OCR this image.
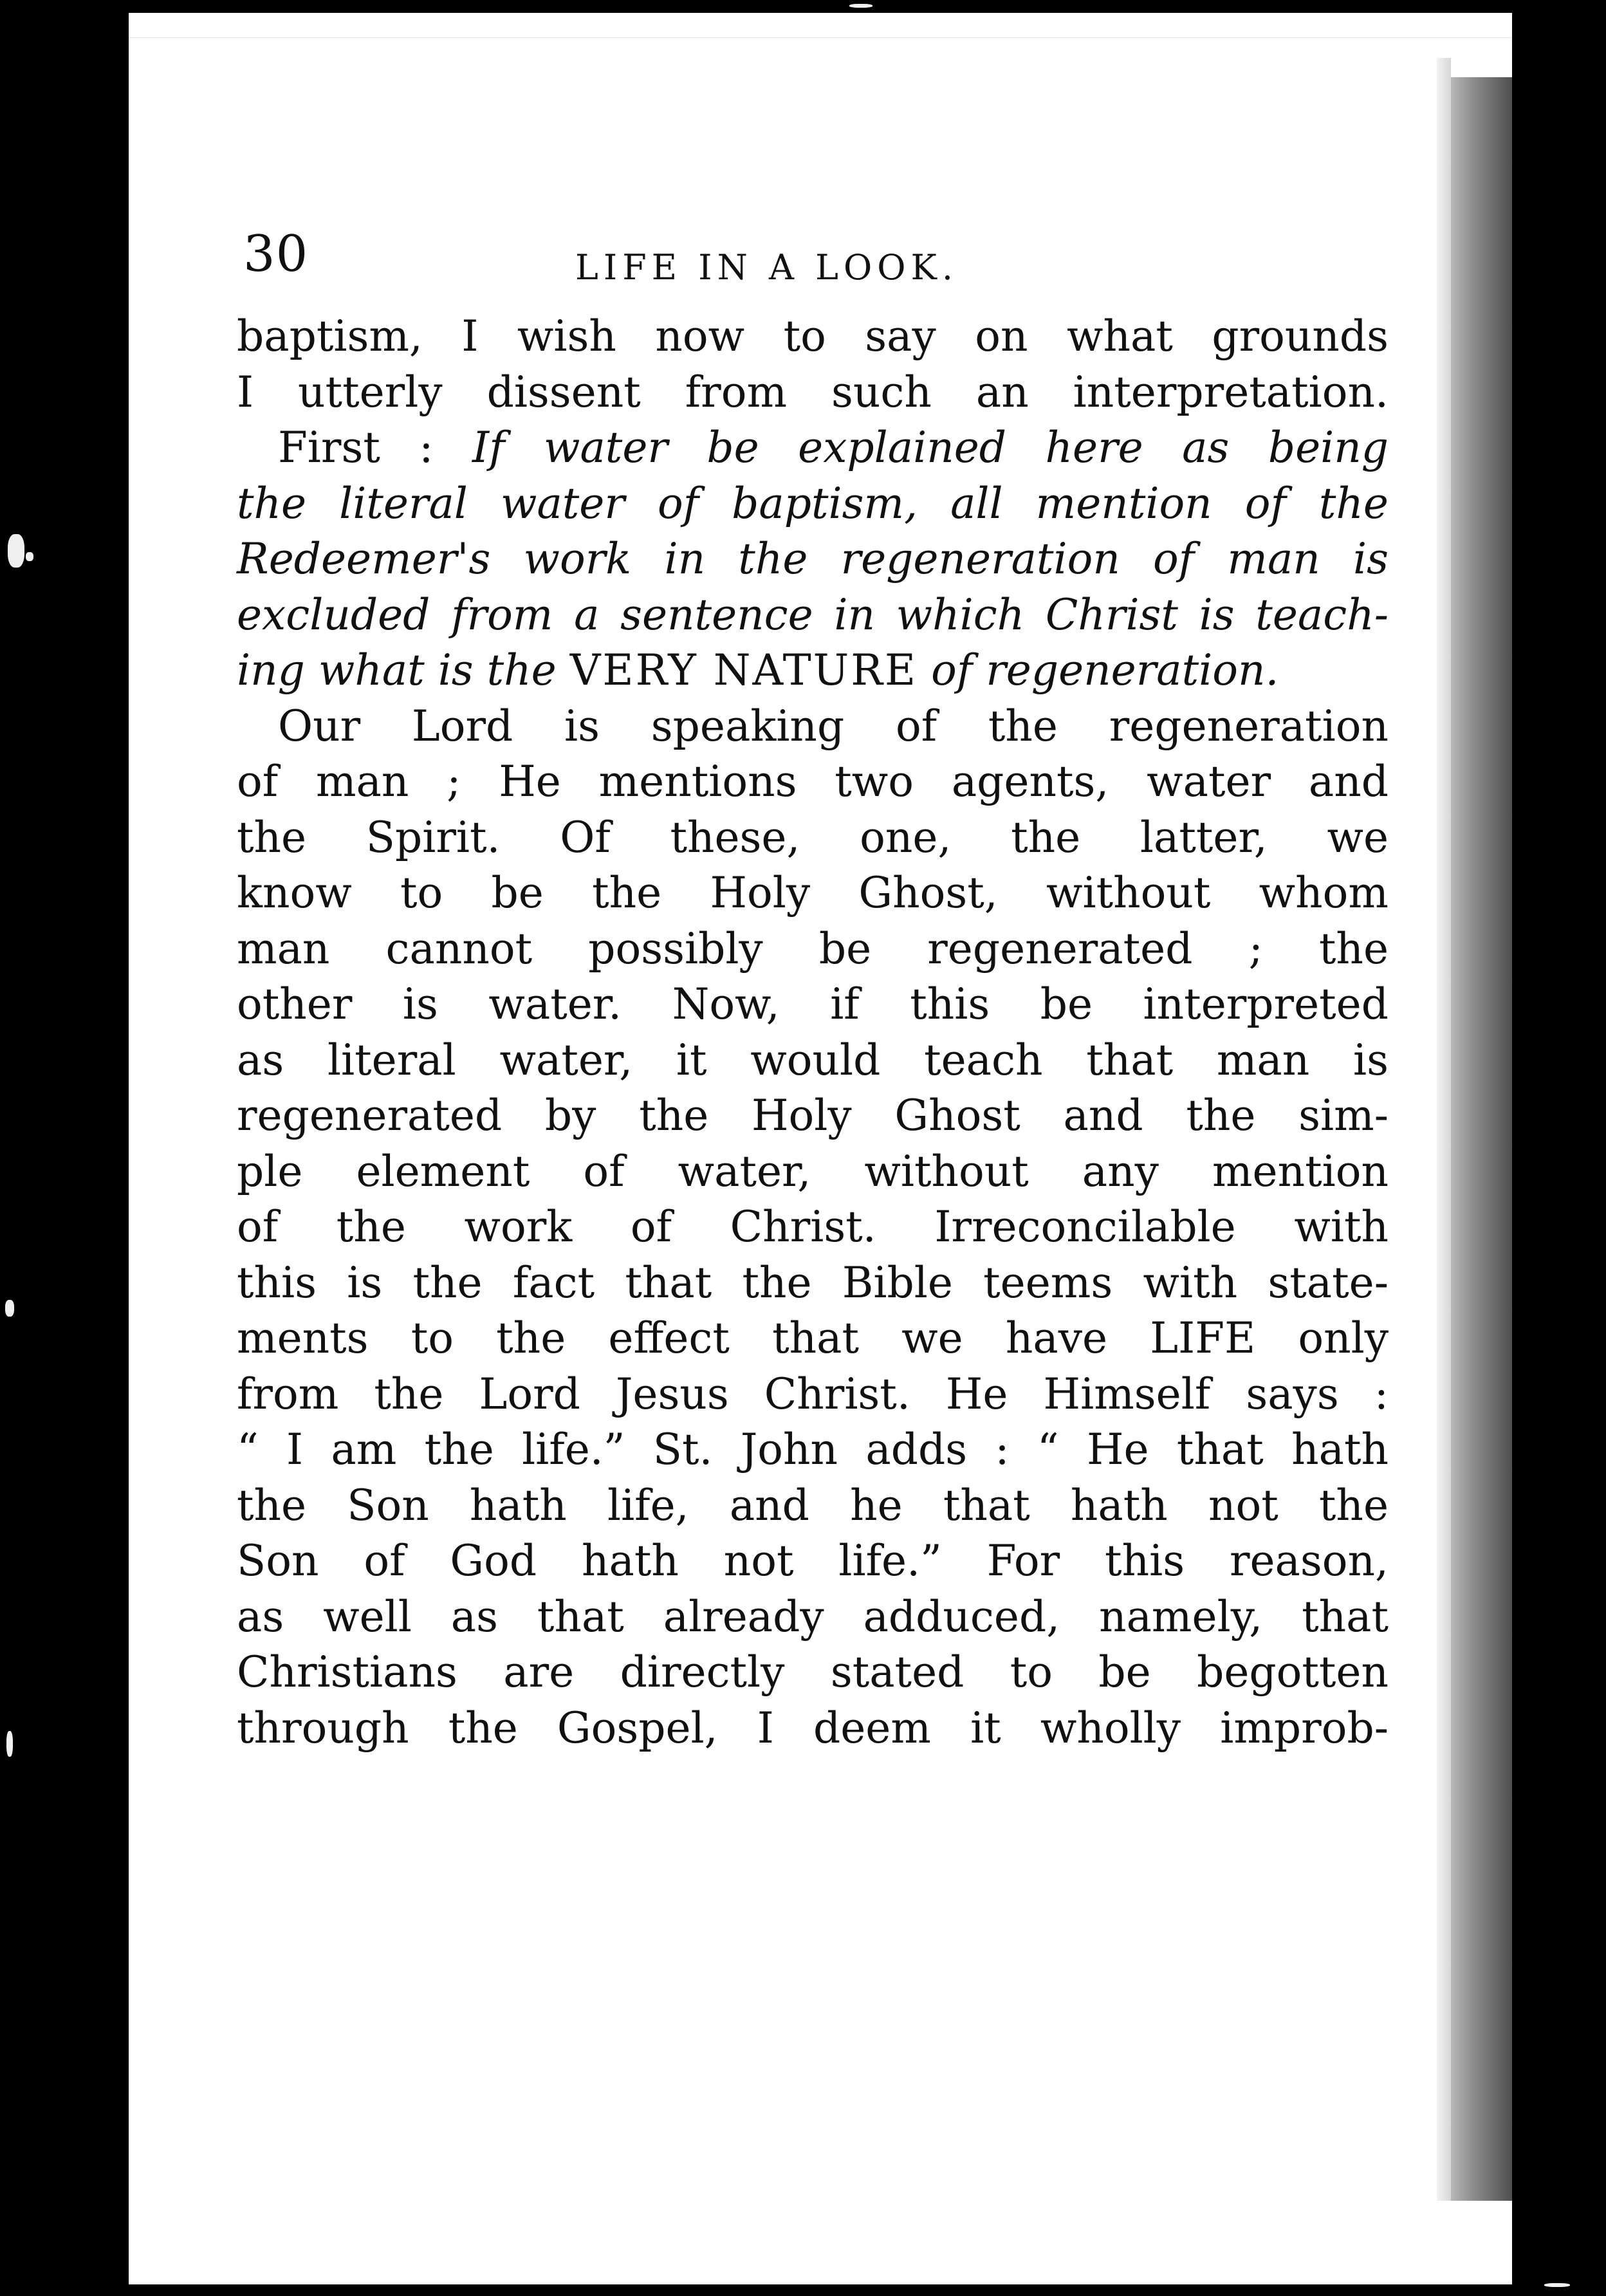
30	LIFE IN A LOOK.
baptism, I wish now to say on what grounds
I utterly dissent from such an interpretation.
First : If water be explained here as being
the literal water of baptism, all mention of the
Redeemer's work in the regeneration of man is
excluded from a sentence in which Christ is teach-
ing what is the VERY NATURE of regeneration.
Our Lord is speaking of the regeneration
of man ; He mentions two agents, water and
the Spirit. Of these, one, the latter, we
know to be the Holy Ghost, without whom
man cannot possibly be regenerated ; the
other is water. Now, if this be interpreted
as literal water, it would teach that man is
regenerated by the Holy Ghost and the sim-
ple element of water, without any mention
of the work of Christ. Irreconcilable with
this is the fact that the Bible teems with state-
ments to the effect that we have LIFE only
from the Lord Jesus Christ. He Himself says :
“ I am the life.” St. John adds : “ He that hath
the Son hath life, and he that hath not the
Son of God hath not life.” For this reason,
as well as that already adduced, namely, that
Christians are directly stated to be begotten
through the Gospel, I deem it wholly improb-
